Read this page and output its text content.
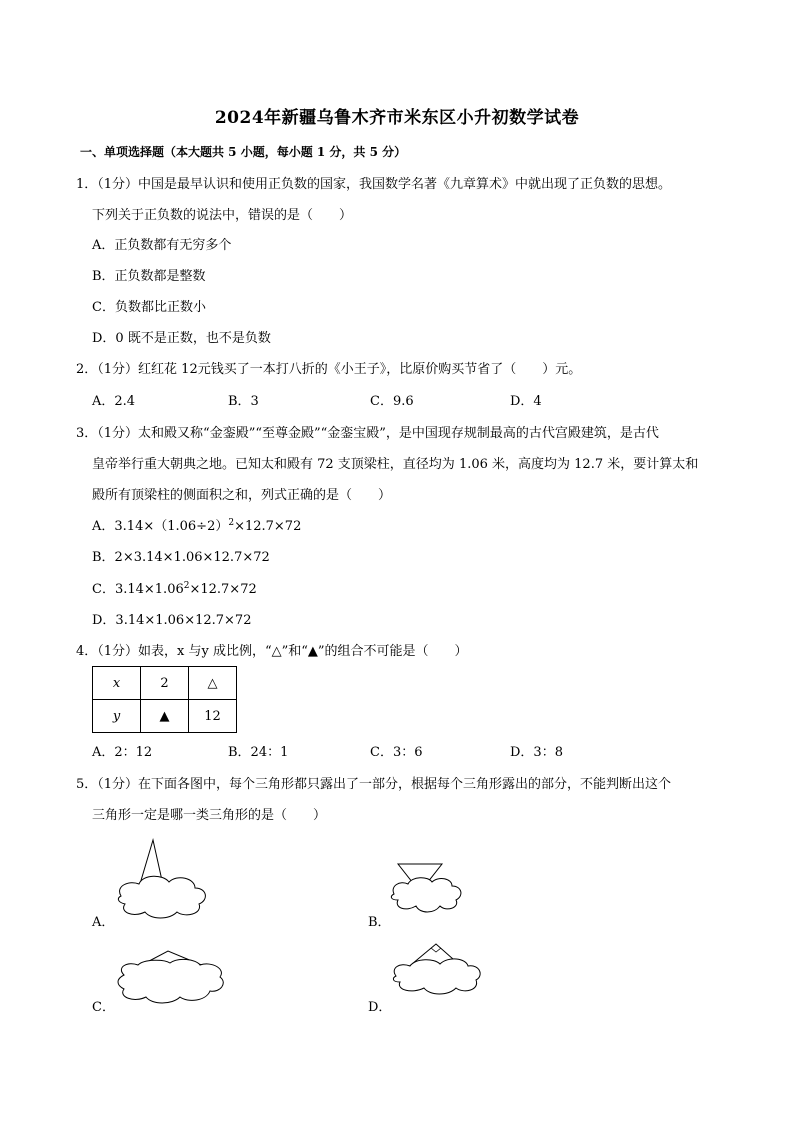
2024年新疆乌鲁木齐市米东区小升初数学试卷
一、单项选择题（本大题共 5 小题，每小题 1 分，共 5 分）
1．（1分）中国是最早认识和使用正负数的国家，我国数学名著《九章算术》中就出现了正负数的思想。
下列关于正负数的说法中，错误的是（　　）
A．正负数都有无穷多个
B．正负数都是整数
C．负数都比正数小
D．0 既不是正数，也不是负数
2．（1分）红红花 12元钱买了一本打八折的《小王子》，比原价购买节省了（　　）元。
A．2.4	B．3	C．9.6	D．4
3．（1分）太和殿又称“金銮殿”“至尊金殿”“金銮宝殿”，是中国现存规制最高的古代宫殿建筑，是古代
皇帝举行重大朝典之地。已知太和殿有 72 支顶梁柱，直径均为 1.06 米，高度均为 12.7 米，要计算太和
殿所有顶梁柱的侧面积之和，列式正确的是（　　）
A．$3.14\times(1.06\div 2)^2\times 12.7\times 72$
B．2×3.14×1.06×12.7×72
C．$3.14\times 1.06^2\times 12.7\times 72$
D．3.14×1.06×12.7×72
4．（1分）如表，x 与y 成比例，“△”和“▲”的组合不可能是（　　）
x	2	△
y	▲	12
A．2：12	B．24：1	C．3：6	D．3：8
5．（1分）在下面各图中，每个三角形都只露出了一部分，根据每个三角形露出的部分，不能判断出这个
三角形一定是哪一类三角形的是（　　）
A．	B．
C．	D．
